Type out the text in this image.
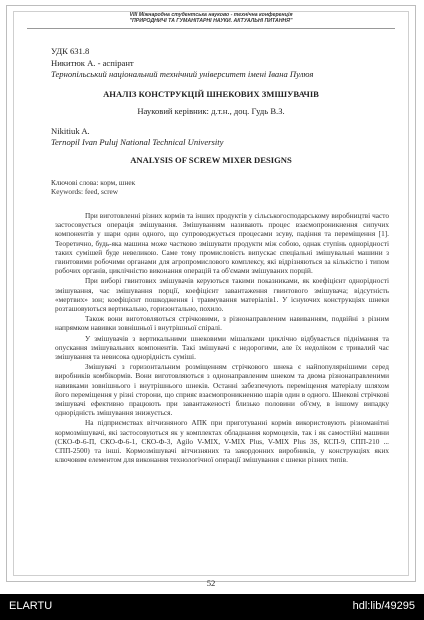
VIII Міжнародна студентська науково - технічна конференція
"ПРИРОДНИЧІ ТА ГУМАНІТАРНІ НАУКИ. АКТУАЛЬНІ ПИТАННЯ"
УДК 631.8
Никитюк А. - аспірант
Тернопільський національний технічний університет імені Івана Пулюя
АНАЛІЗ КОНСТРУКЦІЙ ШНЕКОВИХ ЗМІШУВАЧІВ
Науковий керівник: д.т.н., доц. Гудь В.З.
Nikitiuk A.
Ternopil Ivan Puluj National Technical University
ANALYSIS OF SCREW MIXER DESIGNS
Ключові слова: корм, шнек
Keywords: feed, screw

При виготовленні різних кормів та інших продуктів у сільськогосподарському виробництві часто застосовується операція змішування. Змішуванням називають процес взаємопроникнення сипучих компонентів у шари один одного, що супроводжується процесами зсуву, падіння та переміщення [1]. Теоретично, будь-яка машина може частково змішувати продукти між собою, однак ступінь однорідності таких сумішей буде невеликою. Саме тому промисловість випускає спеціальні змішувальні машини з гвинтовими робочими органами для агропромислового комплексу, які відрізняються за кількістю і типом робочих органів, циклічністю виконання операцій та об'ємами змішуваних порцій.

При виборі гвинтових змішувачів керуються такими показниками, як коефіцієнт однорідності змішування, час змішування порції, коефіцієнт завантаження гвинтового змішувача; відсутність «мертвих» зон; коефіцієнт пошкодження і травмування матеріалів1. У існуючих конструкціях шнеки розташовуються вертикально, горизонтально, похило.

Також вони виготовляються стрічковими, з різнонаправленим навиванням, подвійні з різним напрямком навивки зовнішньої і внутрішньої спіралі.

У змішувачів з вертикальними шнековими мішалками циклічно відбувається піднімання та опускання змішувальних компонентів. Такі змішувачі є недорогими, але їх недоліком є тривалий час змішування та невисока однорідність суміші.

Змішувачі з горизонтальним розміщенням стрічкового шнека є найпопулярнішими серед виробників комбікормів. Вони виготовляються з однонаправленим шнеком та двома різнонаправленими навивками зовнішнього і внутрішнього шнеків. Останні забезпечують переміщення матеріалу шляхом його переміщення у різні сторони, що сприяє взаємопроникненню шарів один в одного. Шнекові стрічкові змішувачі ефективно працюють при завантаженості близько половини об'єму, в іншому випадку однорідність змішування знижується.

На підприємствах вітчизняного АПК при приготуванні кормів використовують різноманітні кормозмішувачі, які застосовуються як у комплектах обладнання кормоцехів, так і як самостійні машини (СКО-Ф-6-П, СКО-Ф-6-1, СКО-Ф-3, Agilo V-MIX, V-MIX Plus, V-MIX Plus 3S, КСП-9, СПП-210 ... СПП-2500) та інші. Кормозмішувачі вітчизняних та закордонних виробників, у конструкціях яких ключовим елементом для виконання технологічної операції змішування є шнеки різних типів.

52
ELARTU	hdl:lib/49295
